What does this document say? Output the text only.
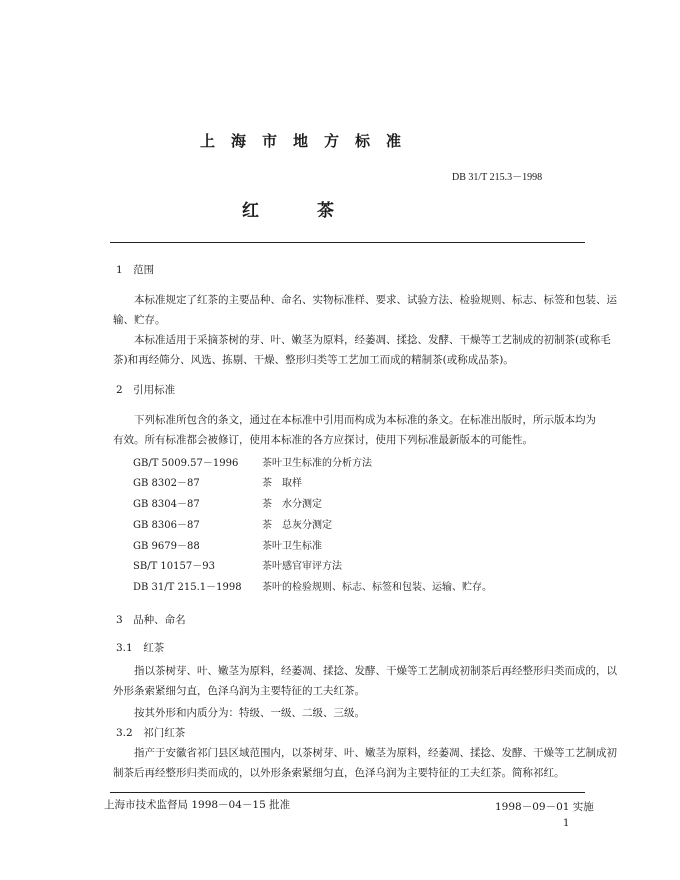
上海市地方标准
DB 31/T 215.3－1998
红茶
1　范围
本标准规定了红茶的主要品种、命名、实物标准样、要求、试验方法、检验规则、标志、标签和包装、运
输、贮存。
本标准适用于采摘茶树的芽、叶、嫩茎为原料，经萎凋、揉捻、发酵、干燥等工艺制成的初制茶(或称毛
茶)和再经筛分、风选、拣剔、干燥、整形归类等工艺加工而成的精制茶(或称成品茶)。
2　引用标准
下列标准所包含的条文，通过在本标准中引用而构成为本标准的条文。在标准出版时，所示版本均为
有效。所有标准都会被修订，使用本标准的各方应探讨，使用下列标准最新版本的可能性。
GB/T 5009.57－1996 茶叶卫生标准的分析方法
GB 8302－87	茶　取样
GB 8304－87	茶　水分测定
GB 8306－87	茶　总灰分测定
GB 9679－88	茶叶卫生标准
SB/T 10157－93	茶叶感官审评方法
DB 31/T 215.1－1998 茶叶的检验规则、标志、标签和包装、运输、贮存。
3　品种、命名
3.1　红茶
指以茶树芽、叶、嫩茎为原料，经萎凋、揉捻、发酵、干燥等工艺制成初制茶后再经整形归类而成的，以
外形条索紧细匀直，色泽乌润为主要特征的工夫红茶。
按其外形和内质分为：特级、一级、二级、三级。
3.2　祁门红茶
指产于安徽省祁门县区域范围内，以茶树芽、叶、嫩茎为原料，经萎凋、揉捻、发酵、干燥等工艺制成初
制茶后再经整形归类而成的，以外形条索紧细匀直，色泽乌润为主要特征的工夫红茶。简称祁红。
上海市技术监督局 1998－04－15 批准	1998－09－01 实施
1
